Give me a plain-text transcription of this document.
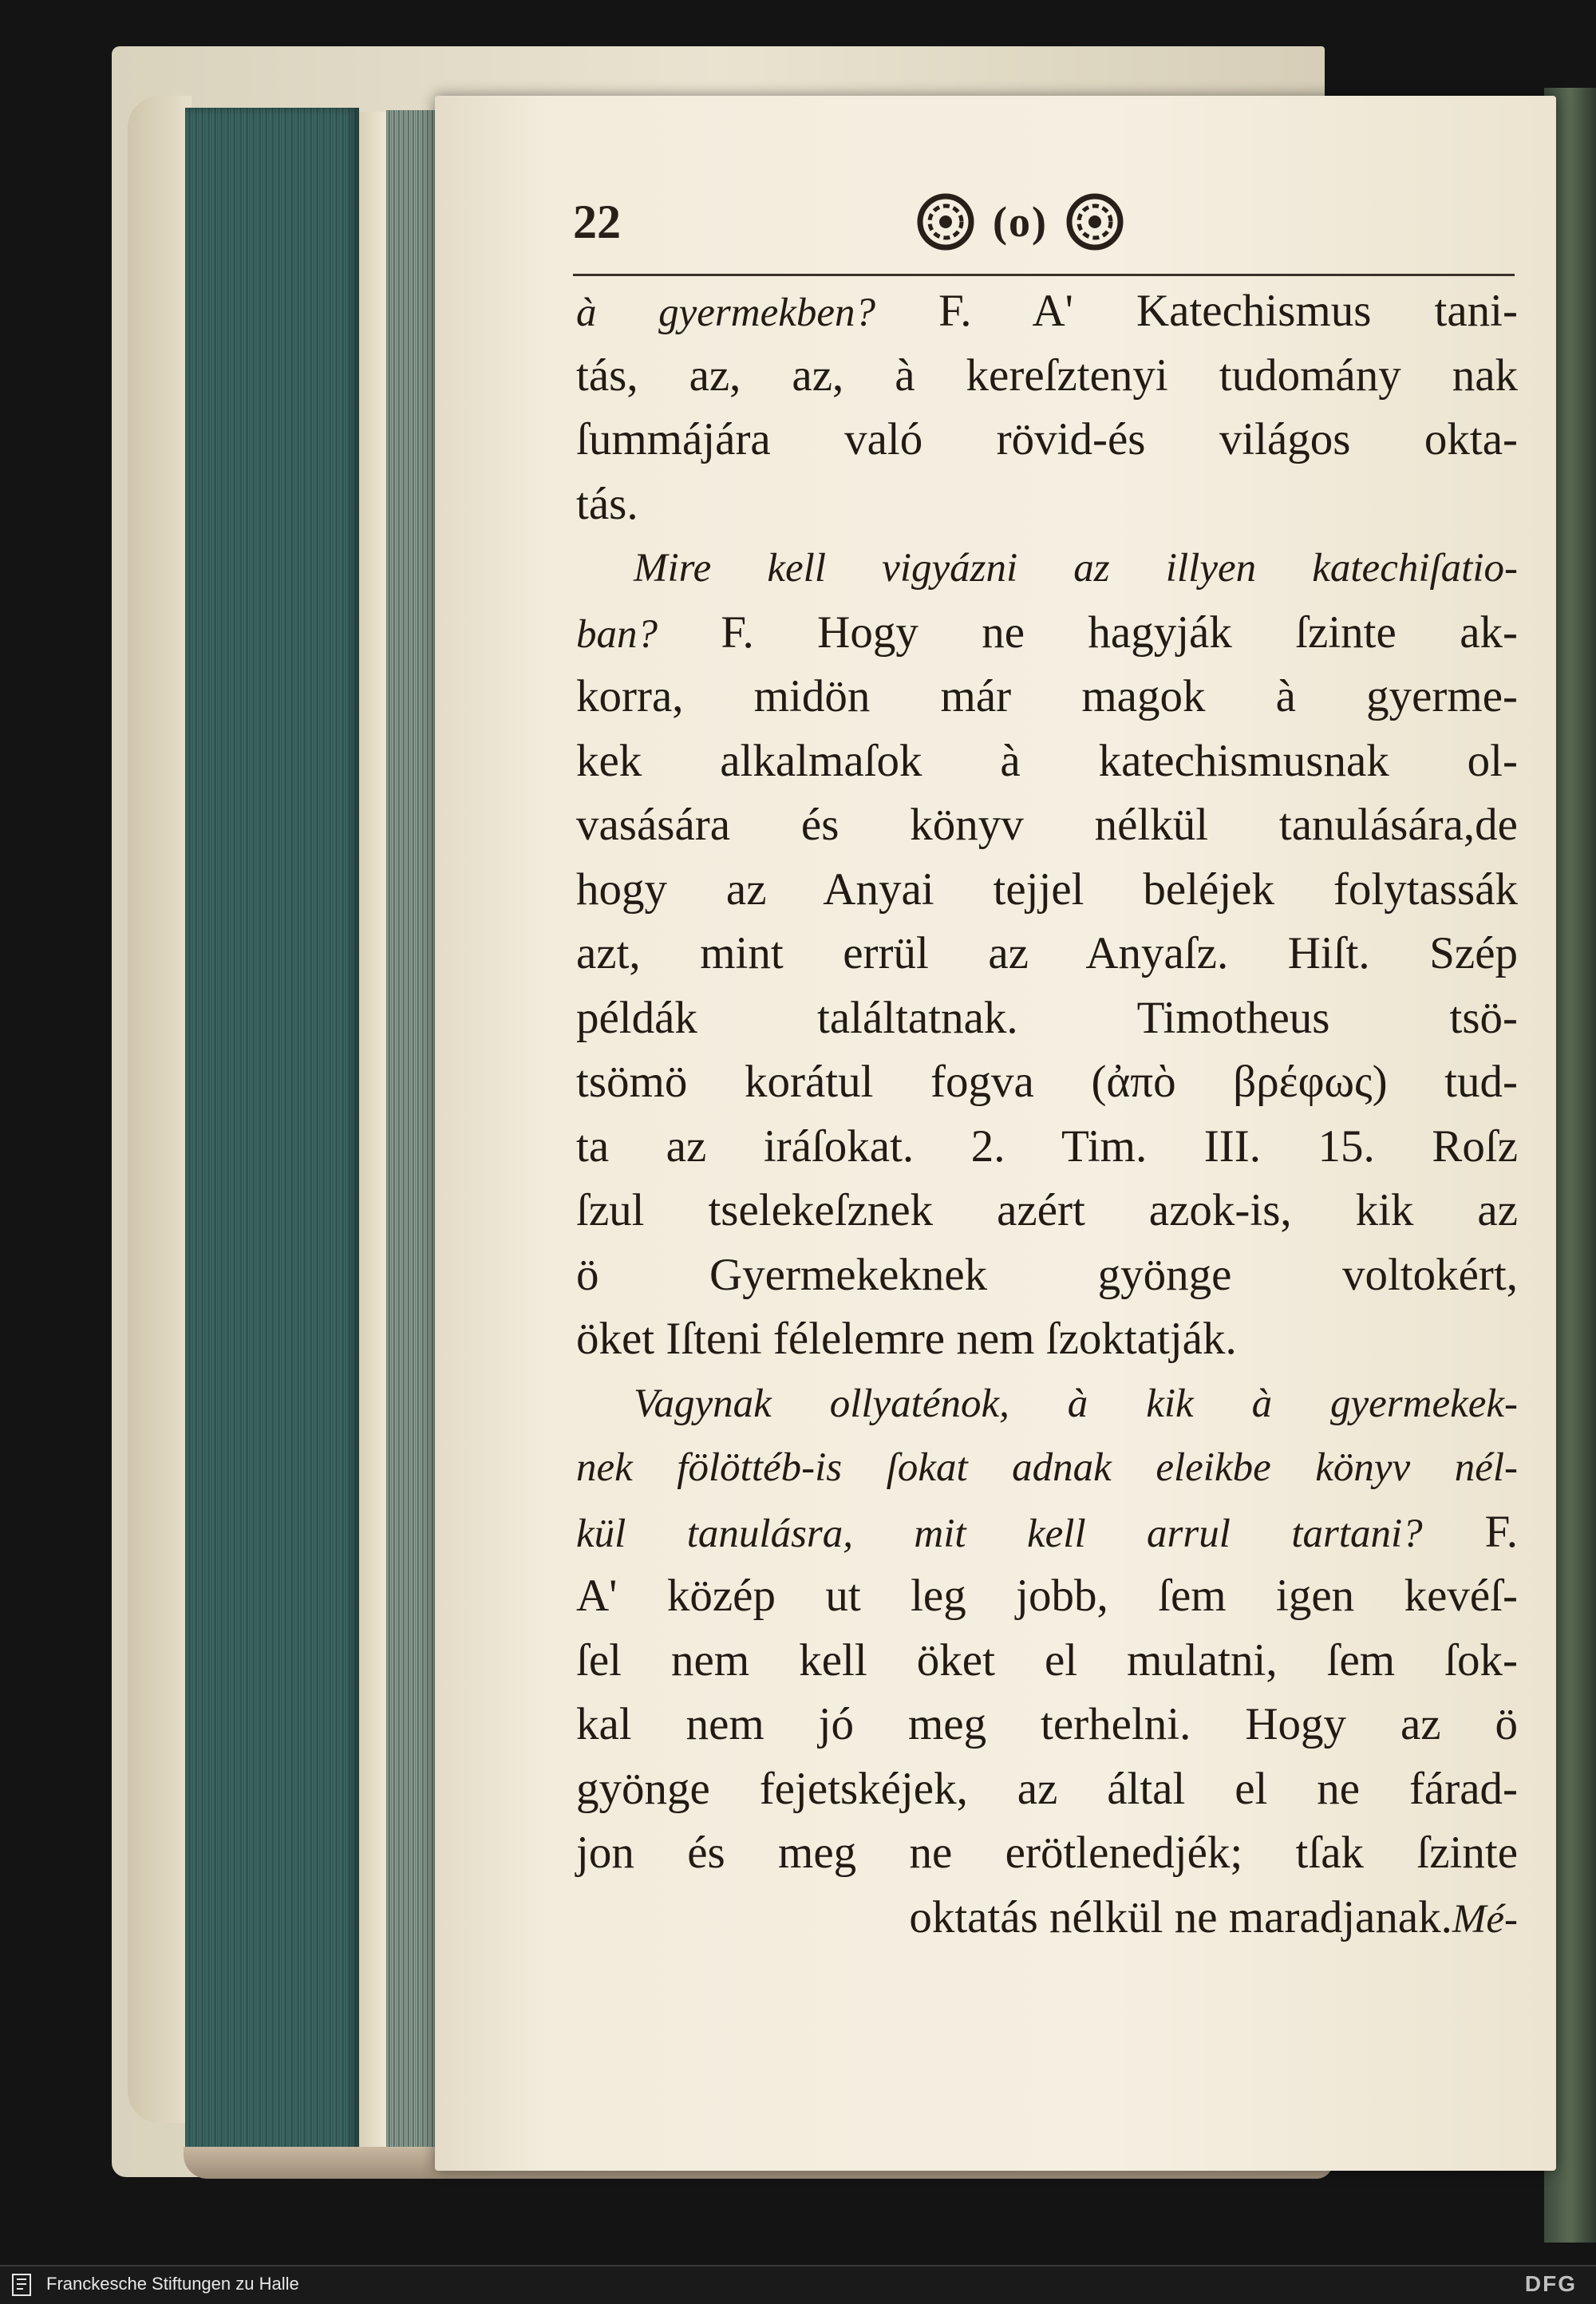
22	(o)
à gyermekben? F. A' Katechismus tani-
tás, az, az, à kereſztenyi tudomány nak
ſummájára való rövid-és világos okta-
tás.
Mire kell vigyázni az illyen katechiſatio-
ban? F. Hogy ne hagyják ſzinte ak-
korra, midön már magok à gyerme-
kek alkalmaſok à katechismusnak ol-
vasására és könyv nélkül tanulására,de
hogy az Anyai tejjel beléjek folytassák
azt, mint errül az Anyaſz. Hiſt. Szép
példák találtatnak. Timotheus tsö-
tsömö korátul fogva (ἀπὸ βρέφως) tud-
ta az iráſokat. 2. Tim. III. 15. Roſz
ſzul tselekeſznek azért azok-is, kik az
ö Gyermekeknek gyönge voltokért,
öket Iſteni félelemre nem ſzoktatják.
Vagynak ollyaténok, à kik à gyermekek-
nek fölöttéb-is ſokat adnak eleikbe könyv nél-
kül tanulásra, mit kell arrul tartani? F.
A' közép ut leg jobb, ſem igen kevéſ-
ſel nem kell öket el mulatni, ſem ſok-
kal nem jó meg terhelni. Hogy az ö
gyönge fejetskéjek, az által el ne fárad-
jon és meg ne erötlenedjék; tſak ſzinte
oktatás nélkül ne maradjanak.Mé-
Franckesche Stiftungen zu Halle	DFG
